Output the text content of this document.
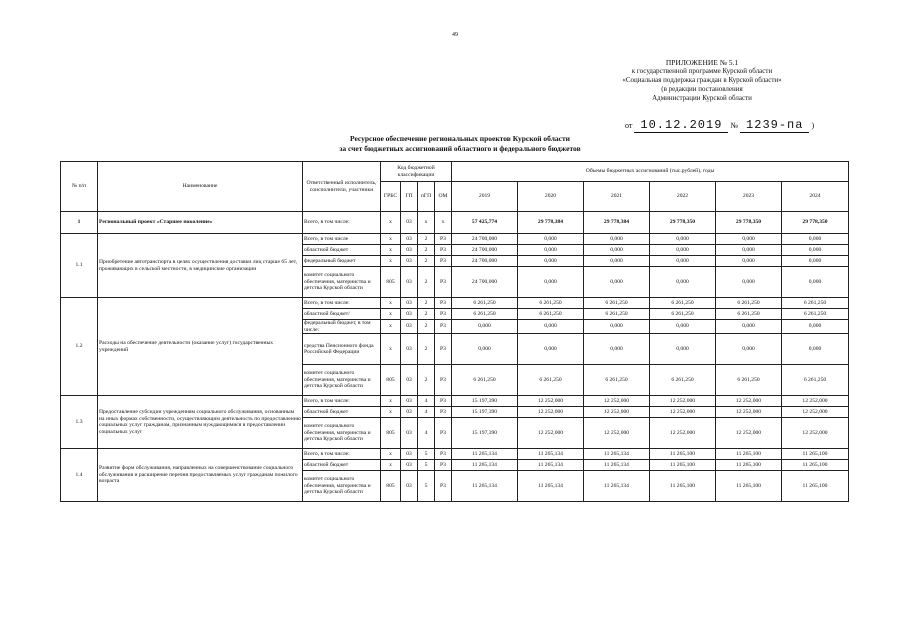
49
ПРИЛОЖЕНИЕ № 5.1
к государственной программе Курской области
«Социальная поддержка граждан в Курской области»
(в редакции постановления
Администрации Курской области
от 10.12.2019 № 1239-па )
Ресурсное обеспечение региональных проектов Курской области
за счет бюджетных ассигнований областного и федерального бюджетов
№ п/п	Наименование	Ответственный исполнитель, соисполнители, участники	Код бюджетной классификации				Объемы бюджетных ассигнований (тыс.рублей), годы					
			ГРБС	ГП	пГП	ОМ	2019	2020	2021	2022	2023	2024
1	Региональный проект «Старшее поколение»	Всего, в том числе:	х	03	х	х	57 425,774	29 778,384	29 778,384	29 778,350	29 778,350	29 778,350
1.1	Приобретение автотранспорта в целях осуществления доставки лиц старше 65 лет, проживающих в сельской местности, в медицинские организации	Всего, в том числе	х	03	2	Р3	24 700,000	0,000	0,000	0,000	0,000	0,000
		областной бюджет	х	03	2	Р3	24 700,000	0,000	0,000	0,000	0,000	0,000
		федеральный бюджет	х	03	2	Р3	24 700,000	0,000	0,000	0,000	0,000	0,000
		комитет социального обеспечения, материнства и детства Курской области	805	03	2	Р3	24 700,000	0,000	0,000	0,000	0,000	0,000
1.2	Расходы на обеспечение деятельности (оказание услуг) государственных учреждений	Всего, в том числе:	х	03	2	Р3	6 261,250	6 261,250	6 261,250	6 261,250	6 261,250	6 261,250
		областной бюджет/	х	03	2	Р3	6 261,250	6 261,250	6 261,250	6 261,250	6 261,250	6 261,250
		федеральный бюджет, в том числе:	х	03	2	Р3	0,000	0,000	0,000	0,000	0,000	0,000
		средства Пенсионного фонда Российской Федерации	х	03	2	Р3	0,000	0,000	0,000	0,000	0,000	0,000
		комитет социального обеспечения, материнства и детства Курской области	805	03	2	Р3	6 261,250	6 261,250	6 261,250	6 261,250	6 261,250	6 261,250
1.3	Предоставление субсидии учреждениям социального обслуживания, основанным на иных формах собственности, осуществляющим деятельность по предоставлению социальных услуг гражданам, признанным нуждающимися в предоставлении социальных услуг	Всего, в том числе:	х	03	4	Р3	15 197,390	12 252,000	12 252,000	12 252,000	12 252,000	12 252,000
		областной бюджет	х	03	4	Р3	15 197,390	12 252,000	12 252,000	12 252,000	12 252,000	12 252,000
		комитет социального обеспечения, материнства и детства Курской области	805	03	4	Р3	15 197,390	12 252,000	12 252,000	12 252,000	12 252,000	12 252,000
1.4	Развитие форм обслуживания, направленных на совершенствование социального обслуживания и расширение перечня предоставляемых услуг гражданам пожилого возраста	Всего, в том числе:	х	03	5	Р3	11 265,134	11 265,134	11 265,134	11 265,100	11 265,100	11 265,100
		областной бюджет	х	03	5	Р3	11 265,134	11 265,134	11 265,134	11 265,100	11 265,100	11 265,100
		комитет социального обеспечения, материнства и детства Курской области	805	03	5	Р3	11 265,134	11 265,134	11 265,134	11 265,100	11 265,100	11 265,100
